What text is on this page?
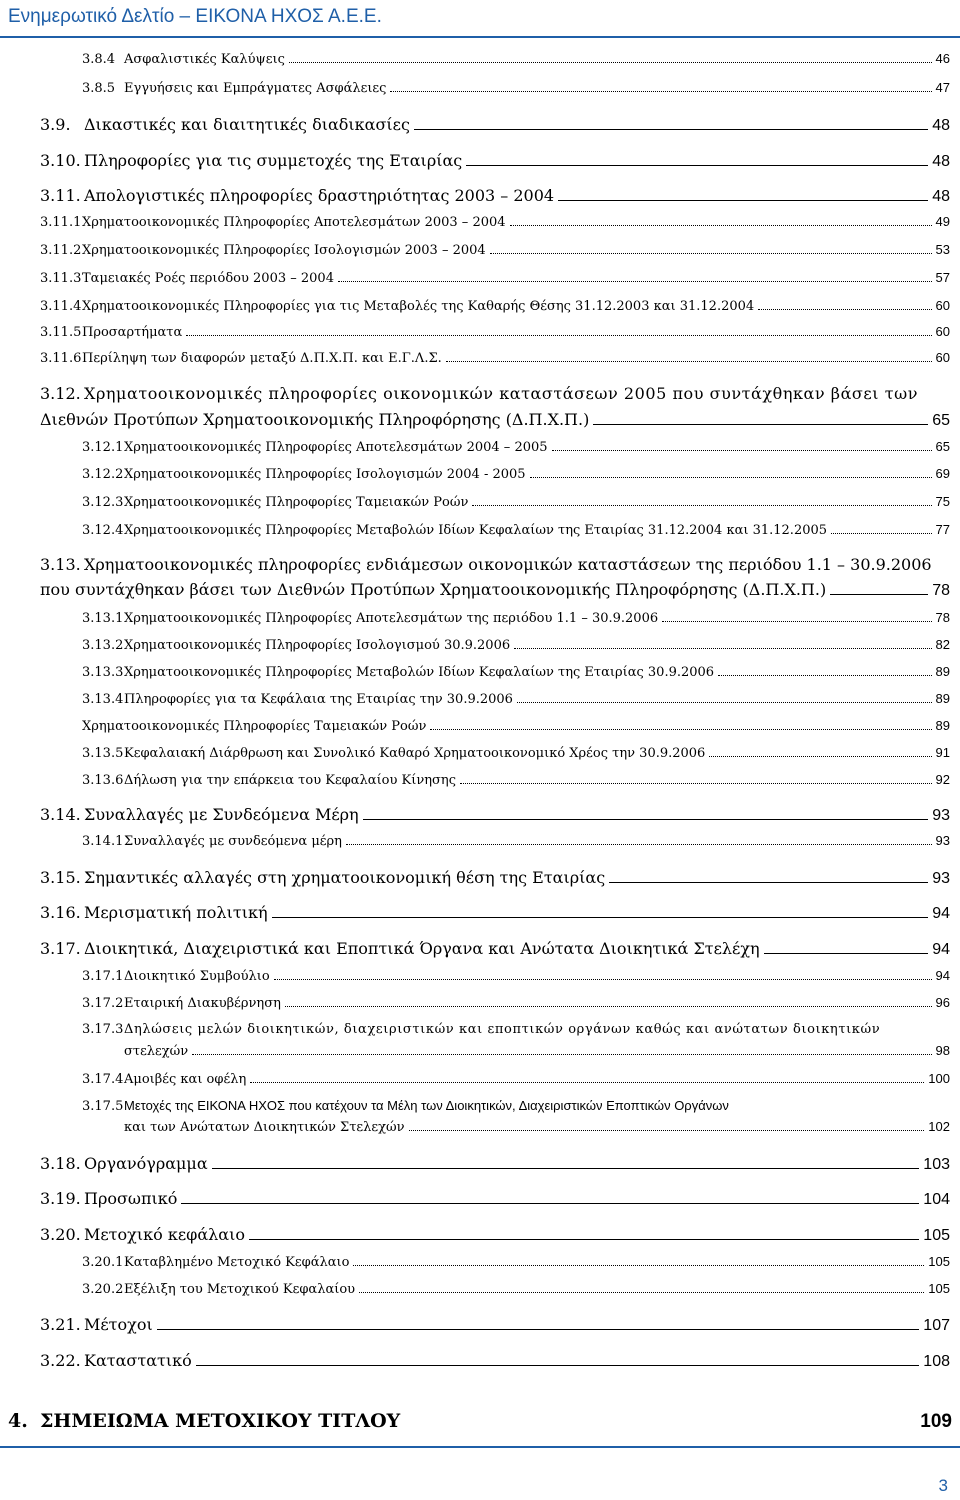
Ενημερωτικό Δελτίο – ΕΙΚΟΝΑ ΗΧΟΣ Α.Ε.Ε.
3.8.4 Ασφαλιστικές Καλύψεις	46
3.8.5 Εγγυήσεις και Εμπράγματες Ασφάλειες	47
3.9. Δικαστικές και διαιτητικές διαδικασίες	48
3.10. Πληροφορίες για τις συμμετοχές της Εταιρίας	48
3.11. Απολογιστικές πληροφορίες δραστηριότητας 2003 – 2004	48
3.11.1 Χρηματοοικονομικές Πληροφορίες Αποτελεσμάτων 2003 – 2004	49
3.11.2 Χρηματοοικονομικές Πληροφορίες Ισολογισμών 2003 – 2004	53
3.11.3 Ταμειακές Ροές περιόδου 2003 – 2004	57
3.11.4 Χρηματοοικονομικές Πληροφορίες για τις Μεταβολές της Καθαρής Θέσης 31.12.2003 και 31.12.2004	60
3.11.5 Προσαρτήματα	60
3.11.6 Περίληψη των διαφορών μεταξύ Δ.Π.Χ.Π. και Ε.Γ.Λ.Σ.	60
3.12. Χρηματοοικονομικές πληροφορίες οικονομικών καταστάσεων 2005 που συντάχθηκαν βάσει των
Διεθνών Προτύπων Χρηματοοικονομικής Πληροφόρησης (Δ.Π.Χ.Π.)	65
3.12.1 Χρηματοοικονομικές Πληροφορίες Αποτελεσμάτων 2004 – 2005	65
3.12.2 Χρηματοοικονομικές Πληροφορίες Ισολογισμών 2004 - 2005	69
3.12.3 Χρηματοοικονομικές Πληροφορίες Ταμειακών Ροών	75
3.12.4 Χρηματοοικονομικές Πληροφορίες Μεταβολών Ιδίων Κεφαλαίων της Εταιρίας 31.12.2004 και 31.12.2005	77
3.13. Χρηματοοικονομικές πληροφορίες ενδιάμεσων οικονομικών καταστάσεων της περιόδου 1.1 – 30.9.2006
που συντάχθηκαν βάσει των Διεθνών Προτύπων Χρηματοοικονομικής Πληροφόρησης (Δ.Π.Χ.Π.)	78
3.13.1 Χρηματοοικονομικές Πληροφορίες Αποτελεσμάτων της περιόδου 1.1 – 30.9.2006	78
3.13.2 Χρηματοοικονομικές Πληροφορίες Ισολογισμού 30.9.2006	82
3.13.3 Χρηματοοικονομικές Πληροφορίες Μεταβολών Ιδίων Κεφαλαίων της Εταιρίας 30.9.2006	89
3.13.4 Πληροφορίες για τα Κεφάλαια της Εταιρίας την 30.9.2006	89
Χρηματοοικονομικές Πληροφορίες Ταμειακών Ροών	89
3.13.5 Κεφαλαιακή Διάρθρωση και Συνολικό Καθαρό Χρηματοοικονομικό Χρέος την 30.9.2006	91
3.13.6 Δήλωση για την επάρκεια του Κεφαλαίου Κίνησης	92
3.14. Συναλλαγές με Συνδεόμενα Μέρη	93
3.14.1 Συναλλαγές με συνδεόμενα μέρη	93
3.15. Σημαντικές αλλαγές στη χρηματοοικονομική θέση της Εταιρίας	93
3.16. Μερισματική πολιτική	94
3.17. Διοικητικά, Διαχειριστικά και Εποπτικά Όργανα και Ανώτατα Διοικητικά Στελέχη	94
3.17.1 Διοικητικό Συμβούλιο	94
3.17.2 Εταιρική Διακυβέρνηση	96
3.17.3 Δηλώσεις μελών διοικητικών, διαχειριστικών και εποπτικών οργάνων καθώς και ανώτατων διοικητικών
στελεχών	98
3.17.4 Αμοιβές και οφέλη	100
3.17.5 Μετοχές της ΕΙΚΟΝΑ ΗΧΟΣ που κατέχουν τα Μέλη των Διοικητικών, Διαχειριστικών Εποπτικών Οργάνων
και των Ανώτατων Διοικητικών Στελεχών	102
3.18. Οργανόγραμμα	103
3.19. Προσωπικό	104
3.20. Μετοχικό κεφάλαιο	105
3.20.1 Καταβλημένο Μετοχικό Κεφάλαιο	105
3.20.2 Εξέλιξη του Μετοχικού Κεφαλαίου	105
3.21. Μέτοχοι	107
3.22. Καταστατικό	108
4. ΣΗΜΕΙΩΜΑ ΜΕΤΟΧΙΚΟΥ ΤΙΤΛΟΥ	109
3
